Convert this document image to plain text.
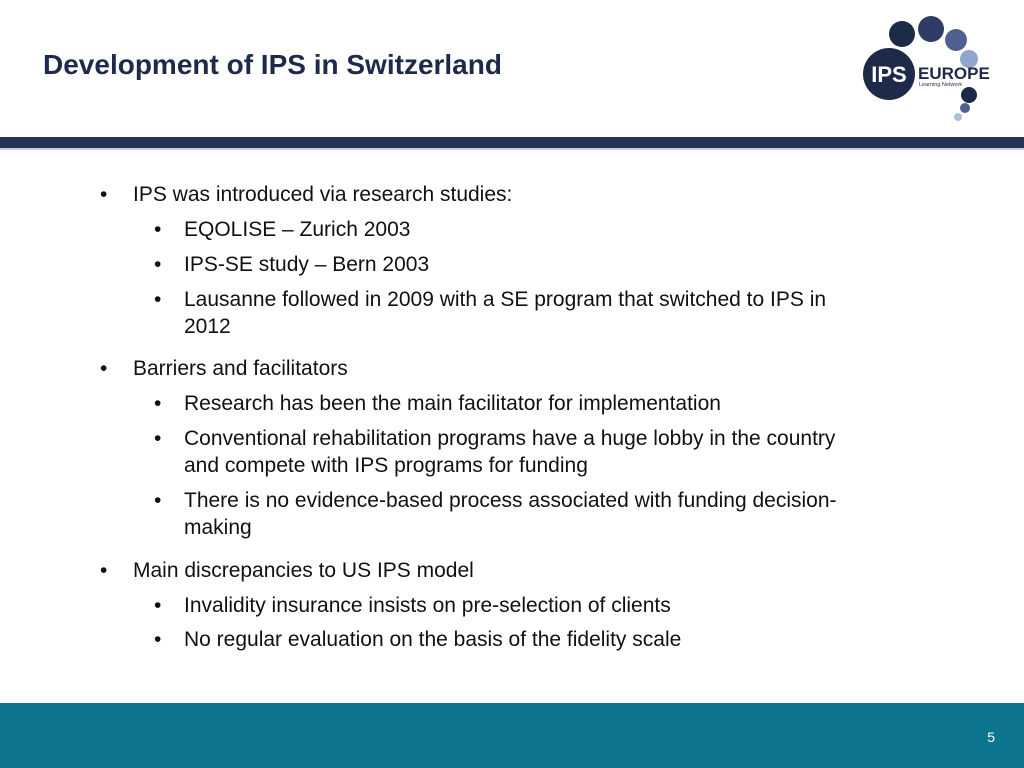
Development of IPS in Switzerland	IPS EUROPE
Learning Network
• IPS was introduced via research studies:
• EQOLISE – Zurich 2003
• IPS-SE study – Bern 2003
• Lausanne followed in 2009 with a SE program that switched to IPS in
2012
• Barriers and facilitators
• Research has been the main facilitator for implementation
• Conventional rehabilitation programs have a huge lobby in the country
and compete with IPS programs for funding
• There is no evidence-based process associated with funding decision-
making
• Main discrepancies to US IPS model
• Invalidity insurance insists on pre-selection of clients
• No regular evaluation on the basis of the fidelity scale
5
